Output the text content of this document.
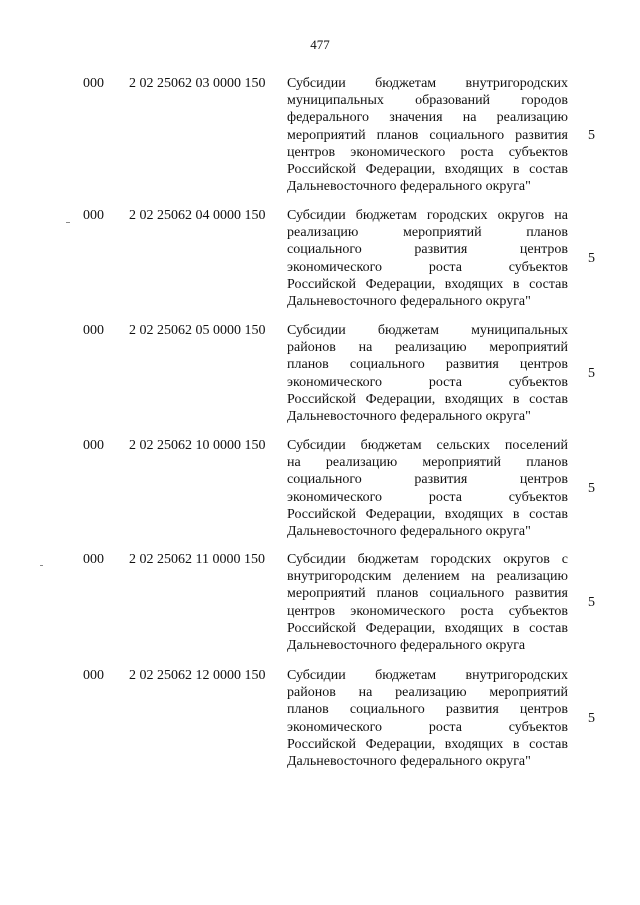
477
000 2 02 25062 03 0000 150 Субсидии бюджетам внутригородских
муниципальных образований городов
федерального значения на реализацию
мероприятий планов социального развития
центров экономического роста субъектов
Российской Федерации, входящих в состав
Дальневосточного федерального округа"
5
000 2 02 25062 04 0000 150 Субсидии бюджетам городских округов на
реализацию мероприятий планов
социального развития центров
экономического роста субъектов
Российской Федерации, входящих в состав
Дальневосточного федерального округа"
5
000 2 02 25062 05 0000 150 Субсидии бюджетам муниципальных
районов на реализацию мероприятий
планов социального развития центров
экономического роста субъектов
Российской Федерации, входящих в состав
Дальневосточного федерального округа"
5
000 2 02 25062 10 0000 150 Субсидии бюджетам сельских поселений
на реализацию мероприятий планов
социального развития центров
экономического роста субъектов
Российской Федерации, входящих в состав
Дальневосточного федерального округа"
5
000 2 02 25062 11 0000 150 Субсидии бюджетам городских округов с
внутригородским делением на реализацию
мероприятий планов социального развития
центров экономического роста субъектов
Российской Федерации, входящих в состав
Дальневосточного федерального округа
5
000 2 02 25062 12 0000 150 Субсидии бюджетам внутригородских
районов на реализацию мероприятий
планов социального развития центров
экономического роста субъектов
Российской Федерации, входящих в состав
Дальневосточного федерального округа"
5
